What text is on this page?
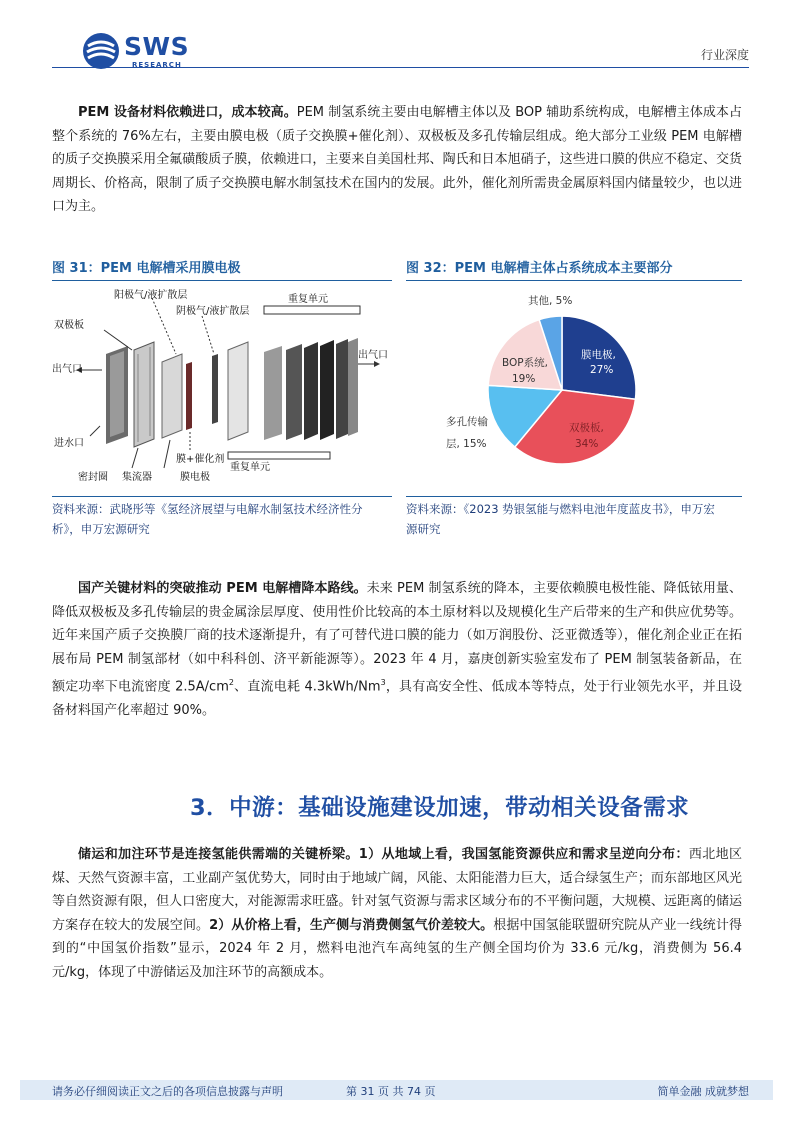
SWS
RESEARCH
行业深度
PEM 设备材料依赖进口，成本较高。PEM 制氢系统主要由电解槽主体以及 BOP 辅助系统构成，电解槽主体成本占整个系统的 76%左右，主要由膜电极（质子交换膜+催化剂）、双极板及多孔传输层组成。绝大部分工业级 PEM 电解槽的质子交换膜采用全氟磺酸质子膜，依赖进口，主要来自美国杜邦、陶氏和日本旭硝子，这些进口膜的供应不稳定、交货周期长、价格高，限制了质子交换膜电解水制氢技术在国内的发展。此外，催化剂所需贵金属原料国内储量较少，也以进口为主。
图 31：PEM 电解槽采用膜电极
阳极气/液扩散层
阴极气/液扩散层
重复单元
双极板
出气口
出气口
进水口
膜+催化剂
重复单元
密封圈 集流器	膜电极
资料来源：武晓彤等《氢经济展望与电解水制氢技术经济性分析》，申万宏源研究
图 32：PEM 电解槽主体占系统成本主要部分
膜电极,
27%
双极板,
34%
多孔传输
层, 15%
BOP系统,
19%
其他, 5%
资料来源：《2023 势银氢能与燃料电池年度蓝皮书》，申万宏源研究
国产关键材料的突破推动 PEM 电解槽降本路线。未来 PEM 制氢系统的降本，主要依赖膜电极性能、降低铱用量、降低双极板及多孔传输层的贵金属涂层厚度、使用性价比较高的本土原材料以及规模化生产后带来的生产和供应优势等。近年来国产质子交换膜厂商的技术逐渐提升，有了可替代进口膜的能力（如万润股份、泛亚微透等），催化剂企业正在拓展布局 PEM 制氢部材（如中科科创、济平新能源等）。2023 年 4 月，嘉庚创新实验室发布了 PEM 制氢装备新品，在额定功率下电流密度 $2.5A/cm^2$、直流电耗 4.3kWh/Nm$^3$，具有高安全性、低成本等特点，处于行业领先水平，并且设备材料国产化率超过 90%。
3．中游：基础设施建设加速，带动相关设备需求
储运和加注环节是连接氢能供需端的关键桥梁。1）从地域上看，我国氢能资源供应和需求呈逆向分布：西北地区煤、天然气资源丰富，工业副产氢优势大，同时由于地域广阔，风能、太阳能潜力巨大，适合绿氢生产；而东部地区风光等自然资源有限，但人口密度大，对能源需求旺盛。针对氢气资源与需求区域分布的不平衡问题，大规模、远距离的储运方案存在较大的发展空间。2）从价格上看，生产侧与消费侧氢气价差较大。根据中国氢能联盟研究院从产业一线统计得到的“中国氢价指数”显示，2024 年 2 月，燃料电池汽车高纯氢的生产侧全国均价为 33.6 元/kg，消费侧为 56.4 元/kg，体现了中游储运及加注环节的高额成本。
请务必仔细阅读正文之后的各项信息披露与声明	第 31 页 共 74 页	简单金融 成就梦想
